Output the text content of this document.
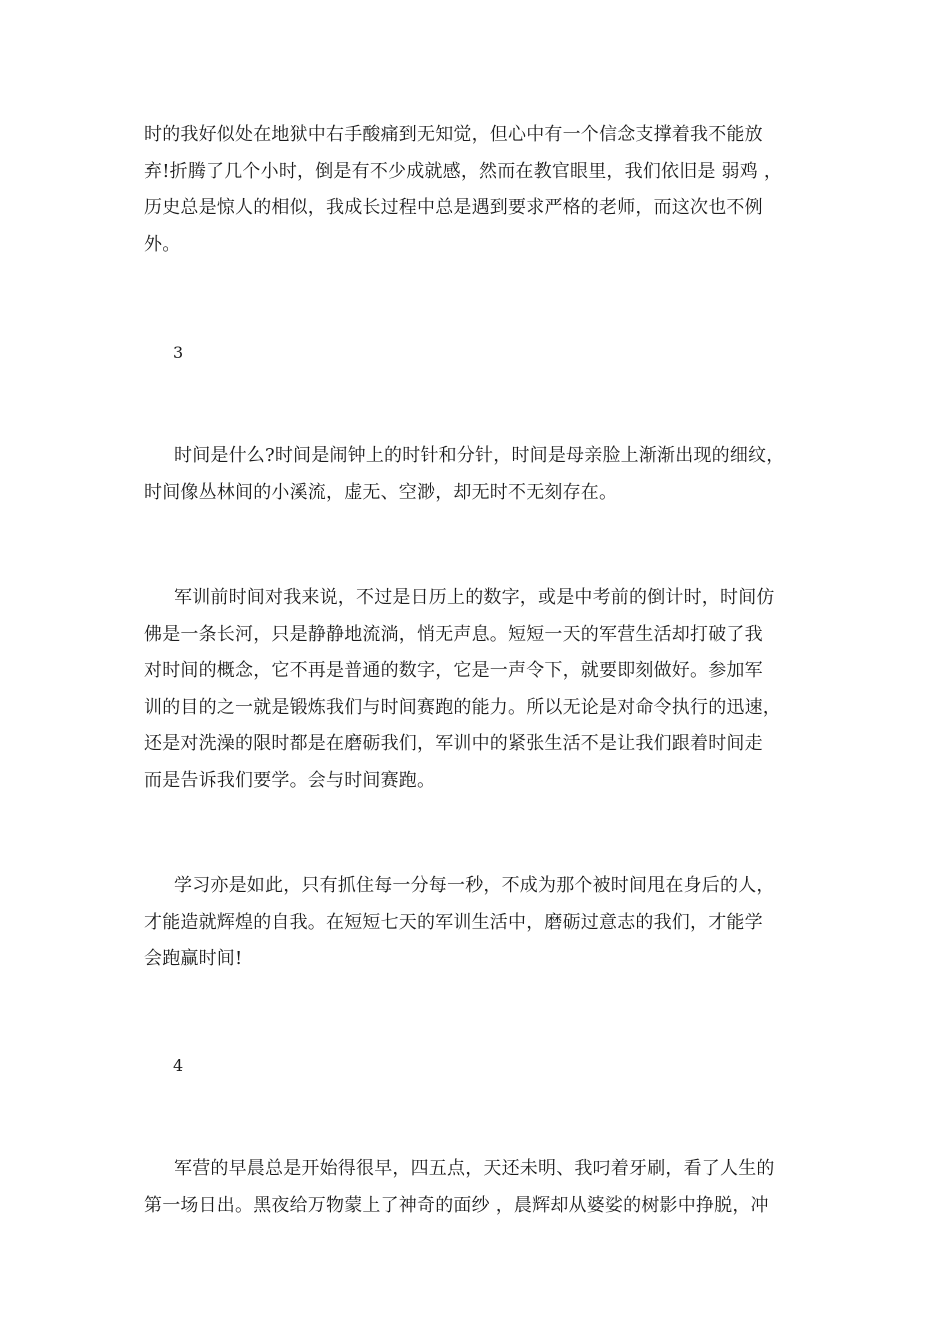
时的我好似处在地狱中右手酸痛到无知觉，但心中有一个信念支撑着我不能放
弃!折腾了几个小时，倒是有不少成就感，然而在教官眼里，我们依旧是 弱鸡 ，
历史总是惊人的相似，我成长过程中总是遇到要求严格的老师，而这次也不例
外。
3
时间是什么?时间是闹钟上的时针和分针，时间是母亲脸上渐渐出现的细纹，
时间像丛林间的小溪流，虚无、空渺，却无时不无刻存在。
军训前时间对我来说，不过是日历上的数字，或是中考前的倒计时，时间仿
佛是一条长河，只是静静地流淌，悄无声息。短短一天的军营生活却打破了我
对时间的概念，它不再是普通的数字，它是一声令下，就要即刻做好。参加军
训的目的之一就是锻炼我们与时间赛跑的能力。所以无论是对命令执行的迅速，
还是对洗澡的限时都是在磨砺我们，军训中的紧张生活不是让我们跟着时间走
而是告诉我们要学。会与时间赛跑。
学习亦是如此，只有抓住每一分每一秒，不成为那个被时间甩在身后的人，
才能造就辉煌的自我。在短短七天的军训生活中，磨砺过意志的我们，才能学
会跑赢时间!
4
军营的早晨总是开始得很早，四五点，天还未明、我叼着牙刷，看了人生的
第一场日出。黑夜给万物蒙上了神奇的面纱 ，晨辉却从婆娑的树影中挣脱，冲
